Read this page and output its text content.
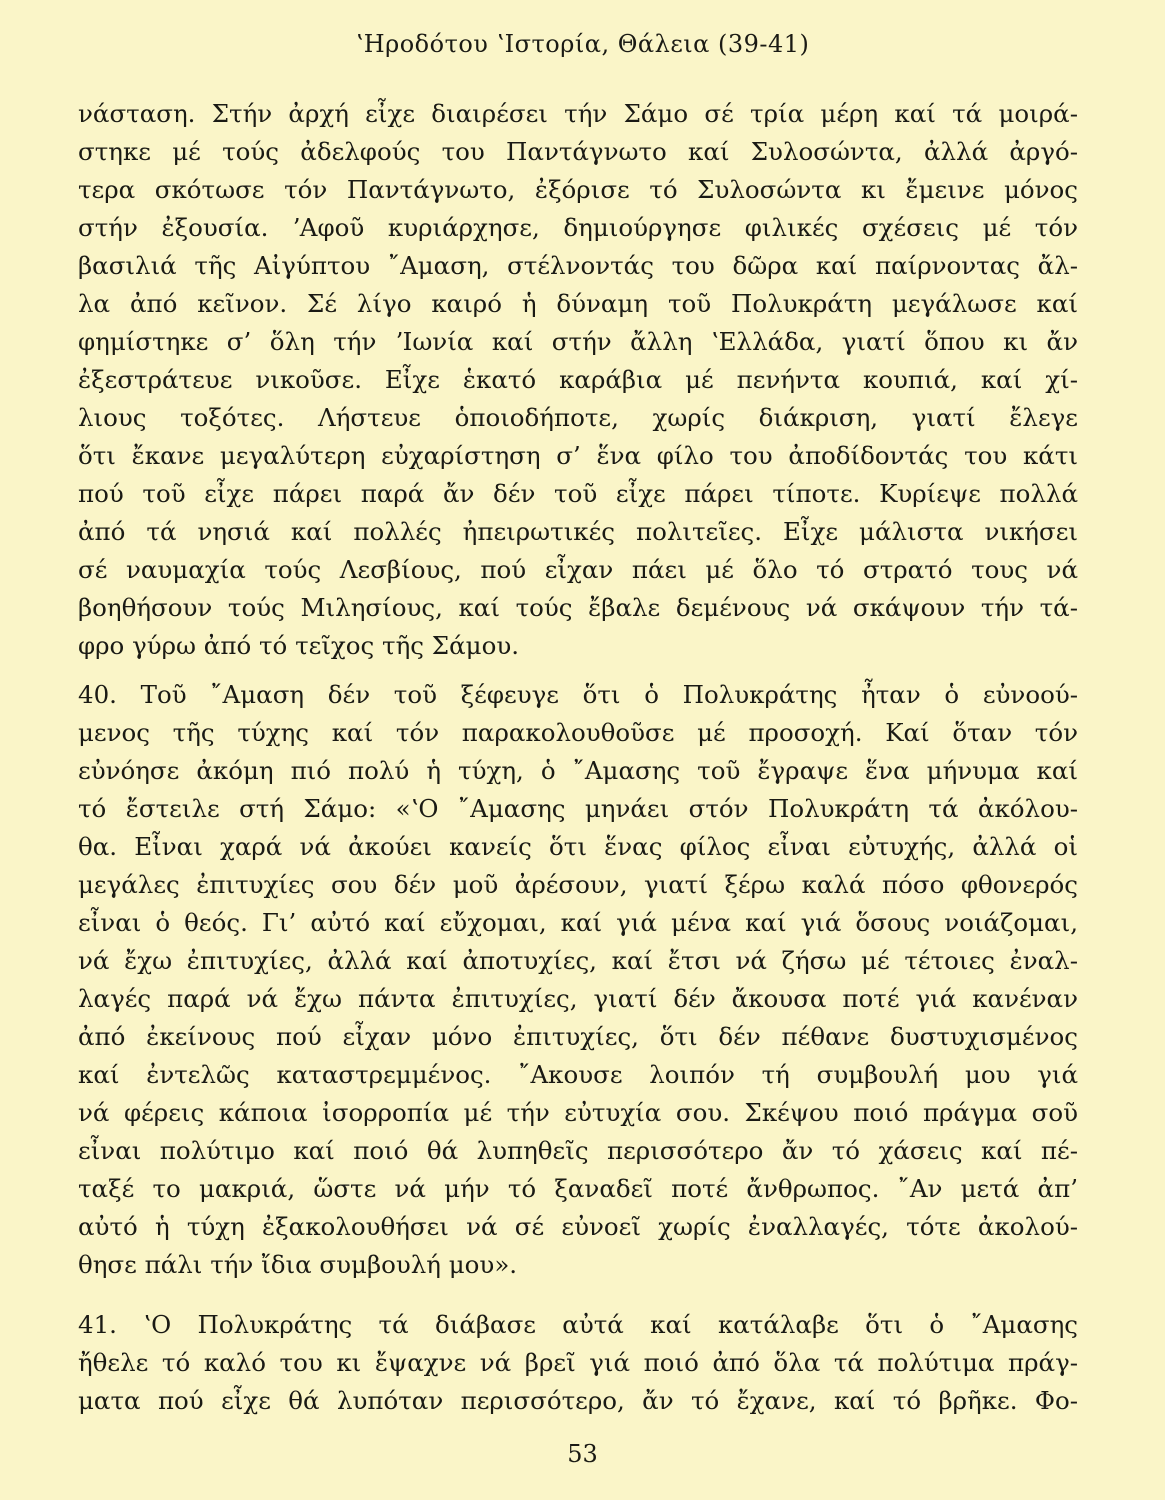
ʽΗροδότου ʽΙστορία, Θάλεια (39-41)
νάσταση. Στήν ἀρχή εἶχε διαιρέσει τήν Σάμο σέ τρία μέρη καί τά μοιρά-
στηκε μέ τούς ἀδελφούς του Παντάγνωτο καί Συλοσώντα, ἀλλά ἀργό-
τερα σκότωσε τόν Παντάγνωτο, ἐξόρισε τό Συλοσώντα κι ἔμεινε μόνος
στήν ἐξουσία. ʼΑφοῦ κυριάρχησε, δημιούργησε φιλικές σχέσεις μέ τόν
βασιλιά τῆς Αἰγύπτου ῎Αμαση, στέλνοντάς του δῶρα καί παίρνοντας ἄλ-
λα ἀπό κεῖνον. Σέ λίγο καιρό ἡ δύναμη τοῦ Πολυκράτη μεγάλωσε καί
φημίστηκε σ’ ὅλη τήν ʼΙωνία καί στήν ἄλλη ʽΕλλάδα, γιατί ὅπου κι ἄν
ἐξεστράτευε νικοῦσε. Εἶχε ἑκατό καράβια μέ πενήντα κουπιά, καί χί-
λιους τοξότες. Λήστευε ὁποιοδήποτε, χωρίς διάκριση, γιατί ἔλεγε
ὅτι ἔκανε μεγαλύτερη εὐχαρίστηση σ’ ἕνα φίλο του ἀποδίδοντάς του κάτι
πού τοῦ εἶχε πάρει παρά ἄν δέν τοῦ εἶχε πάρει τίποτε. Κυρίεψε πολλά
ἀπό τά νησιά καί πολλές ἠπειρωτικές πολιτεῖες. Εἶχε μάλιστα νικήσει
σέ ναυμαχία τούς Λεσβίους, πού εἶχαν πάει μέ ὅλο τό στρατό τους νά
βοηθήσουν τούς Μιλησίους, καί τούς ἔβαλε δεμένους νά σκάψουν τήν τά-
φρο γύρω ἀπό τό τεῖχος τῆς Σάμου.
40. Τοῦ ῎Αμαση δέν τοῦ ξέφευγε ὅτι ὁ Πολυκράτης ἦταν ὁ εὐνοού-
μενος τῆς τύχης καί τόν παρακολουθοῦσε μέ προσοχή. Καί ὅταν τόν
εὐνόησε ἀκόμη πιό πολύ ἡ τύχη, ὁ ῎Αμασης τοῦ ἔγραψε ἕνα μήνυμα καί
τό ἔστειλε στή Σάμο: «ʽΟ ῎Αμασης μηνάει στόν Πολυκράτη τά ἀκόλου-
θα. Εἶναι χαρά νά ἀκούει κανείς ὅτι ἕνας φίλος εἶναι εὐτυχής, ἀλλά οἱ
μεγάλες ἐπιτυχίες σου δέν μοῦ ἀρέσουν, γιατί ξέρω καλά πόσο φθονερός
εἶναι ὁ θεός. Γι’ αὐτό καί εὔχομαι, καί γιά μένα καί γιά ὅσους νοιάζομαι,
νά ἔχω ἐπιτυχίες, ἀλλά καί ἀποτυχίες, καί ἔτσι νά ζήσω μέ τέτοιες ἐναλ-
λαγές παρά νά ἔχω πάντα ἐπιτυχίες, γιατί δέν ἄκουσα ποτέ γιά κανέναν
ἀπό ἐκείνους πού εἶχαν μόνο ἐπιτυχίες, ὅτι δέν πέθανε δυστυχισμένος
καί ἐντελῶς καταστρεμμένος. ῎Ακουσε λοιπόν τή συμβουλή μου γιά
νά φέρεις κάποια ἰσορροπία μέ τήν εὐτυχία σου. Σκέψου ποιό πράγμα σοῦ
εἶναι πολύτιμο καί ποιό θά λυπηθεῖς περισσότερο ἄν τό χάσεις καί πέ-
ταξέ το μακριά, ὥστε νά μήν τό ξαναδεῖ ποτέ ἄνθρωπος. ῎Αν μετά ἀπ’
αὐτό ἡ τύχη ἐξακολουθήσει νά σέ εὐνοεῖ χωρίς ἐναλλαγές, τότε ἀκολού-
θησε πάλι τήν ἴδια συμβουλή μου».
41. ʽΟ Πολυκράτης τά διάβασε αὐτά καί κατάλαβε ὅτι ὁ ῎Αμασης
ἤθελε τό καλό του κι ἔψαχνε νά βρεῖ γιά ποιό ἀπό ὅλα τά πολύτιμα πράγ-
ματα πού εἶχε θά λυπόταν περισσότερο, ἄν τό ἔχανε, καί τό βρῆκε. Φο-
53
